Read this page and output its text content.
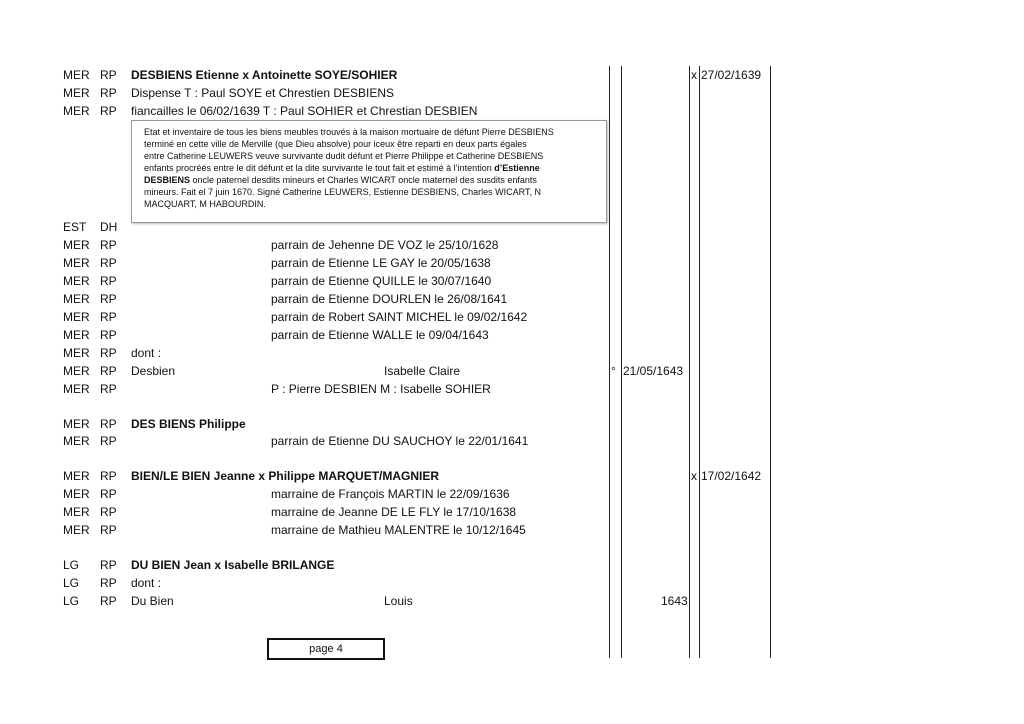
MER RP DESBIENS Etienne x Antoinette SOYE/SOHIER	x 27/02/1639
MER RP Dispense T : Paul SOYE et Chrestien DESBIENS
MER RP fiancailles le 06/02/1639 T : Paul SOHIER et Chrestian DESBIEN
EST DH
MER RP	parrain de Jehenne DE VOZ le 25/10/1628
MER RP	parrain de Etienne LE GAY le 20/05/1638
MER RP	parrain de Etienne QUILLE le 30/07/1640
MER RP	parrain de Etienne DOURLEN le 26/08/1641
MER RP	parrain de Robert SAINT MICHEL le 09/02/1642
MER RP	parrain de Etienne WALLE le 09/04/1643
MER RP dont :
MER RP Desbien	Isabelle Claire	° 21/05/1643
MER RP	P : Pierre DESBIEN M : Isabelle SOHIER
MER RP DES BIENS Philippe
MER RP	parrain de Etienne DU SAUCHOY le 22/01/1641
MER RP BIEN/LE BIEN Jeanne x Philippe MARQUET/MAGNIER	x 17/02/1642
MER RP	marraine de François MARTIN le 22/09/1636
MER RP	marraine de Jeanne DE LE FLY le 17/10/1638
MER RP	marraine de Mathieu MALENTRE le 10/12/1645
LG RP DU BIEN Jean x Isabelle BRILANGE
LG RP dont :
LG RP Du Bien	Louis	1643
Etat et inventaire de tous les biens meubles trouvés à la maison mortuaire de défunt Pierre DESBIENS
terminé en cette ville de Merville (que Dieu absolve) pour iceux être reparti en deux parts égales
entre Catherine LEUWERS veuve survivante dudit défunt et Pierre Philippe et Catherine DESBIENS
enfants procréés entre le dit défunt et la dite survivante le tout fait et estimé à l’intention d’Estienne
DESBIENS oncle paternel desdits mineurs et Charles WICART oncle maternel des susdits enfants
mineurs. Fait el 7 juin 1670. Signé Catherine LEUWERS, Estienne DESBIENS, Charles WICART, N
MACQUART, M HABOURDIN.
page 4
